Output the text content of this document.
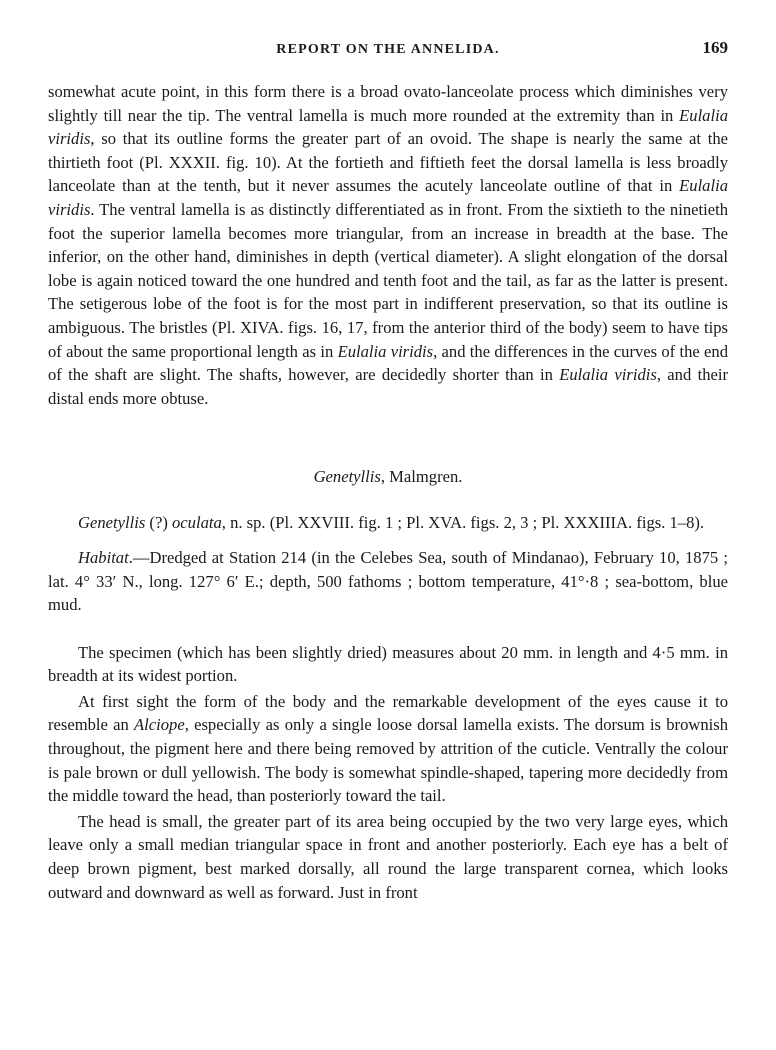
REPORT ON THE ANNELIDA.	169

somewhat acute point, in this form there is a broad ovato-lanceolate process which diminishes very slightly till near the tip. The ventral lamella is much more rounded at the extremity than in Eulalia viridis, so that its outline forms the greater part of an ovoid. The shape is nearly the same at the thirtieth foot (Pl. XXXII. fig. 10). At the fortieth and fiftieth feet the dorsal lamella is less broadly lanceolate than at the tenth, but it never assumes the acutely lanceolate outline of that in Eulalia viridis. The ventral lamella is as distinctly differentiated as in front. From the sixtieth to the ninetieth foot the superior lamella becomes more triangular, from an increase in breadth at the base. The inferior, on the other hand, diminishes in depth (vertical diameter). A slight elongation of the dorsal lobe is again noticed toward the one hundred and tenth foot and the tail, as far as the latter is present. The setigerous lobe of the foot is for the most part in indifferent preservation, so that its outline is ambiguous. The bristles (Pl. XIVA. figs. 16, 17, from the anterior third of the body) seem to have tips of about the same proportional length as in Eulalia viridis, and the differences in the curves of the end of the shaft are slight. The shafts, however, are decidedly shorter than in Eulalia viridis, and their distal ends more obtuse.

Genetyllis, Malmgren.

Genetyllis (?) oculata, n. sp. (Pl. XXVIII. fig. 1 ; Pl. XVA. figs. 2, 3 ; Pl. XXXIIIA. figs. 1–8).

Habitat.—Dredged at Station 214 (in the Celebes Sea, south of Mindanao), February 10, 1875 ; lat. 4° 33′ N., long. 127° 6′ E.; depth, 500 fathoms ; bottom temperature, 41°·8 ; sea-bottom, blue mud.

The specimen (which has been slightly dried) measures about 20 mm. in length and 4·5 mm. in breadth at its widest portion.

At first sight the form of the body and the remarkable development of the eyes cause it to resemble an Alciope, especially as only a single loose dorsal lamella exists. The dorsum is brownish throughout, the pigment here and there being removed by attrition of the cuticle. Ventrally the colour is pale brown or dull yellowish. The body is somewhat spindle-shaped, tapering more decidedly from the middle toward the head, than posteriorly toward the tail.

The head is small, the greater part of its area being occupied by the two very large eyes, which leave only a small median triangular space in front and another posteriorly. Each eye has a belt of deep brown pigment, best marked dorsally, all round the large transparent cornea, which looks outward and downward as well as forward. Just in front
